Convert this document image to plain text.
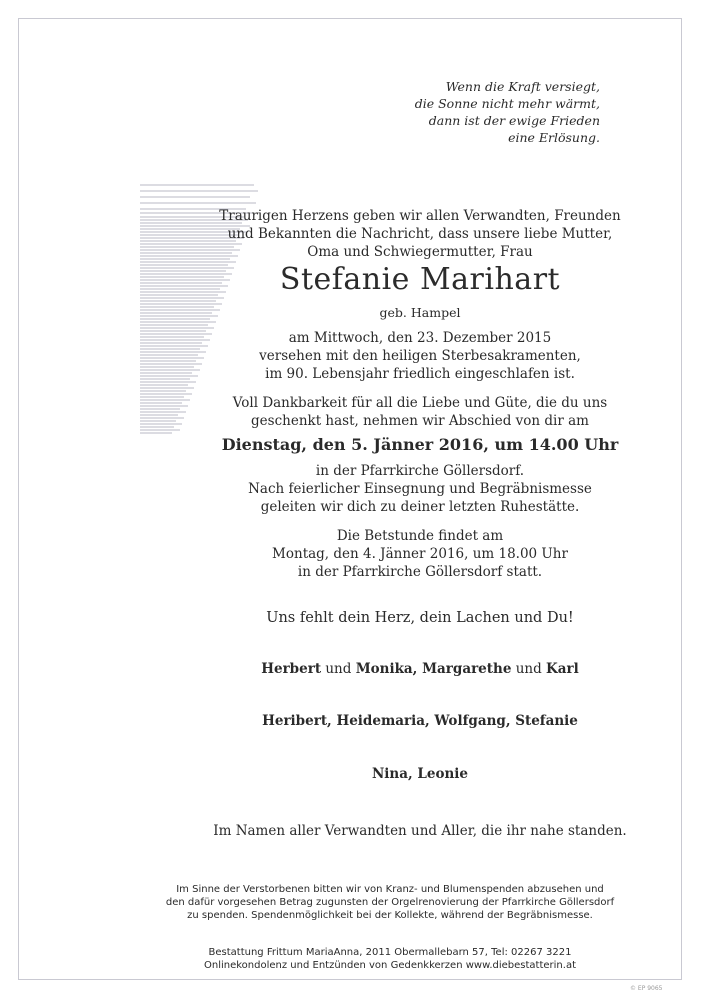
Wenn die Kraft versiegt,
die Sonne nicht mehr wärmt,
dann ist der ewige Frieden
eine Erlösung.
Traurigen Herzens geben wir allen Verwandten, Freunden
und Bekannten die Nachricht, dass unsere liebe Mutter,
Oma und Schwiegermutter, Frau
Stefanie Marihart
geb. Hampel
am Mittwoch, den 23. Dezember 2015
versehen mit den heiligen Sterbesakramenten,
im 90. Lebensjahr friedlich eingeschlafen ist.
Voll Dankbarkeit für all die Liebe und Güte, die du uns
geschenkt hast, nehmen wir Abschied von dir am
Dienstag, den 5. Jänner 2016, um 14.00 Uhr
in der Pfarrkirche Göllersdorf.
Nach feierlicher Einsegnung und Begräbnismesse
geleiten wir dich zu deiner letzten Ruhestätte.
Die Betstunde findet am
Montag, den 4. Jänner 2016, um 18.00 Uhr
in der Pfarrkirche Göllersdorf statt.
Uns fehlt dein Herz, dein Lachen und Du!
Herbert und Monika, Margarethe und Karl
Heribert, Heidemaria, Wolfgang, Stefanie
Nina, Leonie
Im Namen aller Verwandten und Aller, die ihr nahe standen.
Im Sinne der Verstorbenen bitten wir von Kranz- und Blumenspenden abzusehen und
den dafür vorgesehen Betrag zugunsten der Orgelrenovierung der Pfarrkirche Göllersdorf
zu spenden. Spendenmöglichkeit bei der Kollekte, während der Begräbnismesse.
Bestattung Frittum MariaAnna, 2011 Obermallebarn 57, Tel: 02267 3221
Onlinekondolenz und Entzünden von Gedenkkerzen www.diebestatterin.at
© EP 9065
